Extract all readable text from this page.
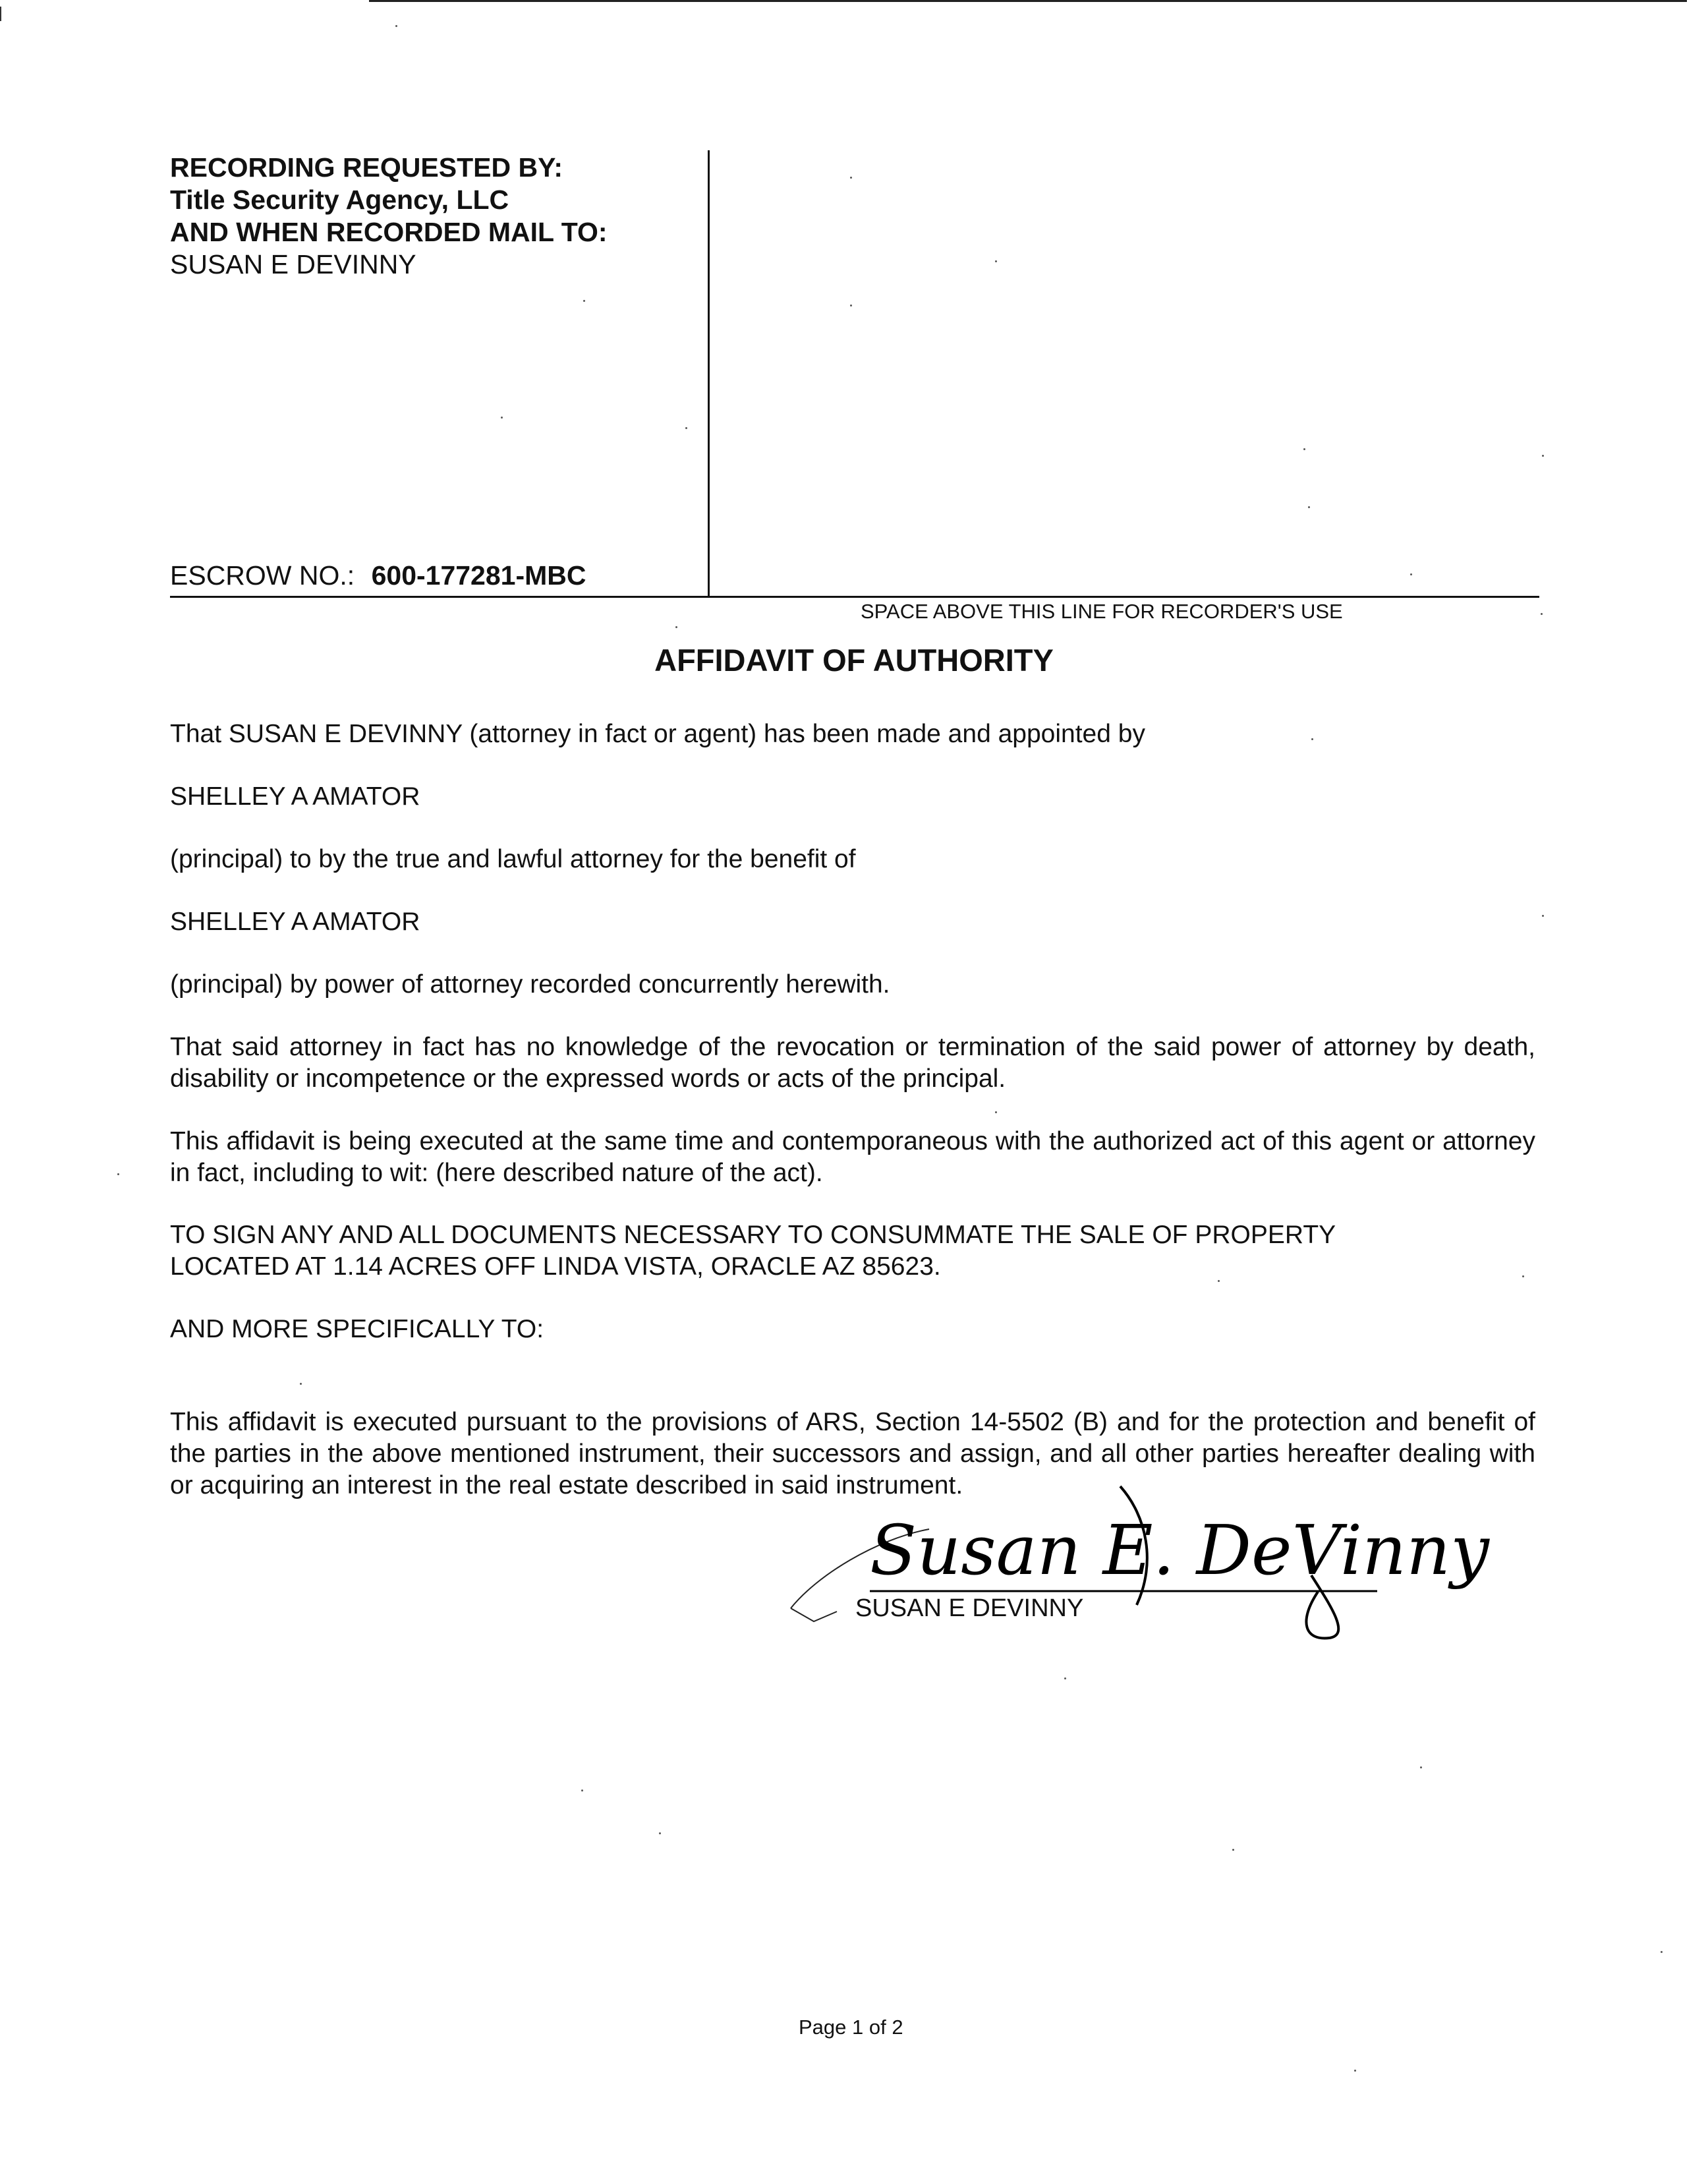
RECORDING REQUESTED BY:
Title Security Agency, LLC
AND WHEN RECORDED MAIL TO:
SUSAN E DEVINNY
ESCROW NO.: 600-177281-MBC
SPACE ABOVE THIS LINE FOR RECORDER'S USE
AFFIDAVIT OF AUTHORITY
That SUSAN E DEVINNY (attorney in fact or agent) has been made and appointed by
SHELLEY A AMATOR
(principal) to by the true and lawful attorney for the benefit of
SHELLEY A AMATOR
(principal) by power of attorney recorded concurrently herewith.
That said attorney in fact has no knowledge of the revocation or termination of the said power of attorney by death, disability or incompetence or the expressed words or acts of the principal.
This affidavit is being executed at the same time and contemporaneous with the authorized act of this agent or attorney in fact, including to wit: (here described nature of the act).
TO SIGN ANY AND ALL DOCUMENTS NECESSARY TO CONSUMMATE THE SALE OF PROPERTY LOCATED AT 1.14 ACRES OFF LINDA VISTA, ORACLE AZ 85623.
AND MORE SPECIFICALLY TO:
This affidavit is executed pursuant to the provisions of ARS, Section 14-5502 (B) and for the protection and benefit of the parties in the above mentioned instrument, their successors and assign, and all other parties hereafter dealing with or acquiring an interest in the real estate described in said instrument.
Susan E. DeVinny
SUSAN E DEVINNY
Page 1 of 2
